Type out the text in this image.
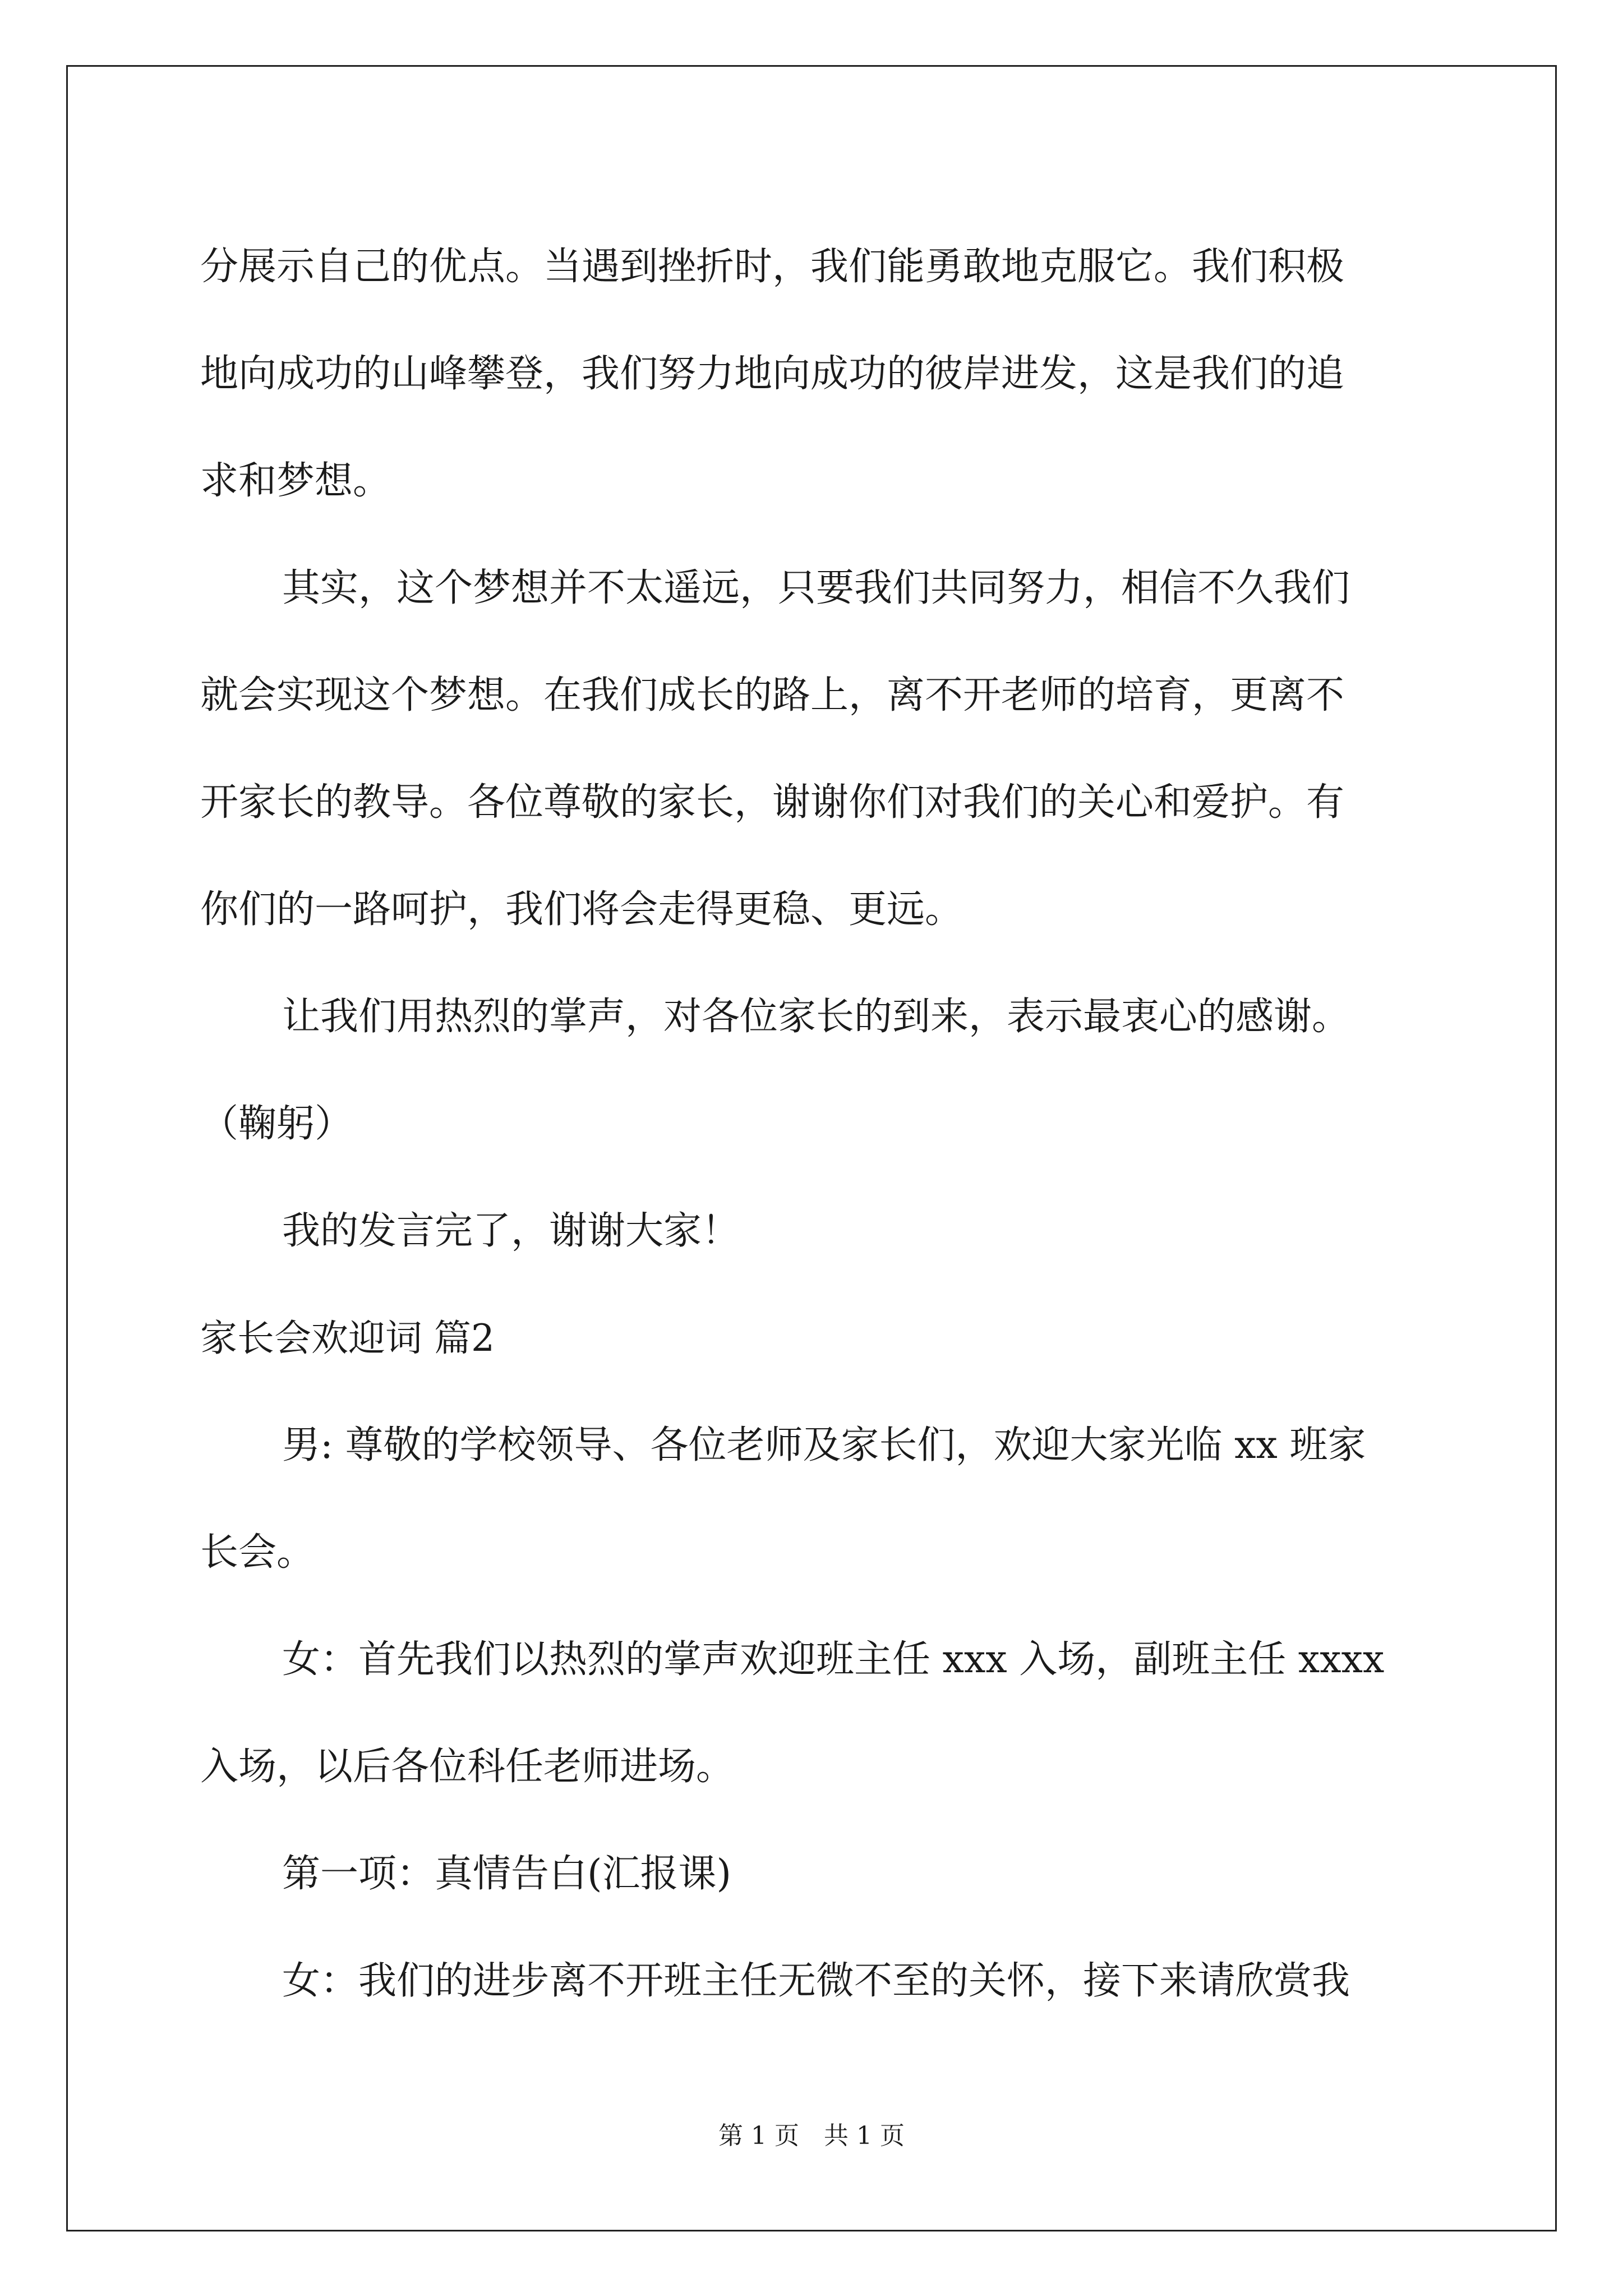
分展示自己的优点。当遇到挫折时，我们能勇敢地克服它。我们积极
地向成功的山峰攀登，我们努力地向成功的彼岸进发，这是我们的追
求和梦想。
其实，这个梦想并不太遥远，只要我们共同努力，相信不久我们
就会实现这个梦想。在我们成长的路上，离不开老师的培育，更离不
开家长的教导。各位尊敬的家长，谢谢你们对我们的关心和爱护。有
你们的一路呵护，我们将会走得更稳、更远。
让我们用热烈的掌声，对各位家长的到来，表示最衷心的感谢。
（鞠躬）
我的发言完了，谢谢大家！
家长会欢迎词 篇2
男: 尊敬的学校领导、各位老师及家长们，欢迎大家光临 xx 班家
长会。
女：首先我们以热烈的掌声欢迎班主任 xxx 入场，副班主任 xxxx
入场，以后各位科任老师进场。
第一项：真情告白(汇报课)
女：我们的进步离不开班主任无微不至的关怀，接下来请欣赏我
第 1 页　共 1 页
